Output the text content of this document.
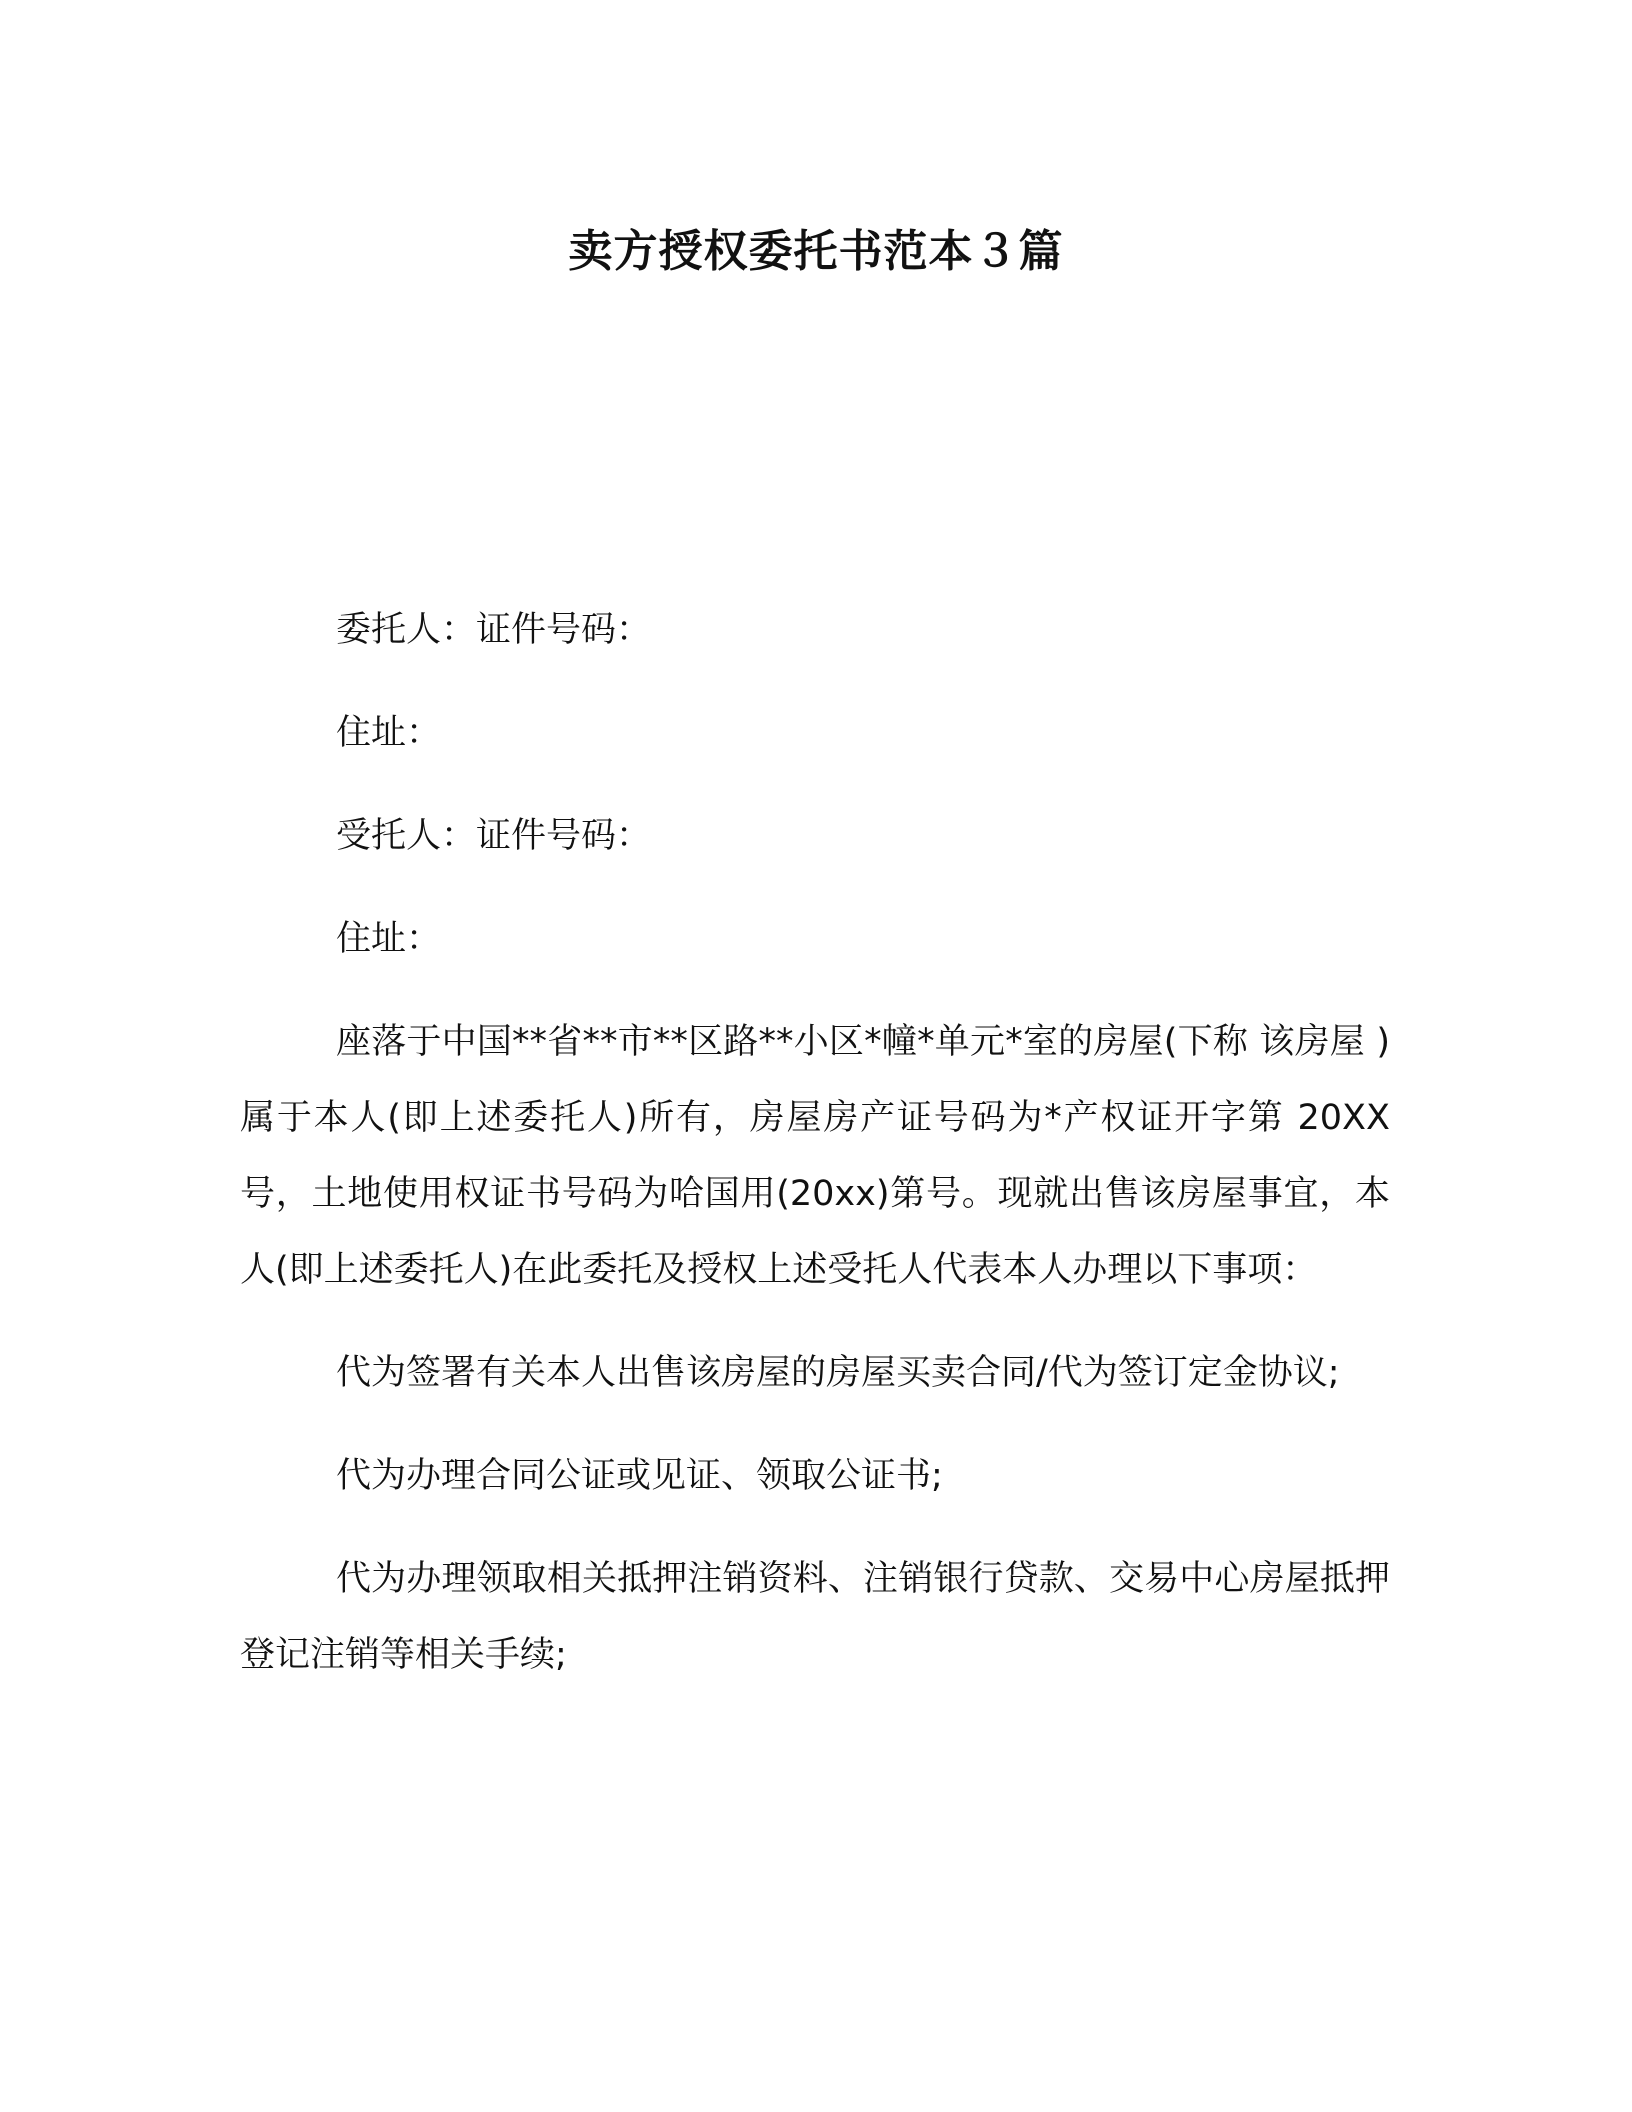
卖方授权委托书范本３篇

委托人：证件号码：

住址：

受托人：证件号码：

住址：

座落于中国**省**市**区路**小区*幢*单元*室的房屋(下称 该房屋 )属于本人(即上述委托人)所有，房屋房产证号码为*产权证开字第 20XX 号，土地使用权证书号码为哈国用(20xx)第号。现就出售该房屋事宜，本人(即上述委托人)在此委托及授权上述受托人代表本人办理以下事项：

代为签署有关本人出售该房屋的房屋买卖合同/代为签订定金协议;

代为办理合同公证或见证、领取公证书;

代为办理领取相关抵押注销资料、注销银行贷款、交易中心房屋抵押登记注销等相关手续;
